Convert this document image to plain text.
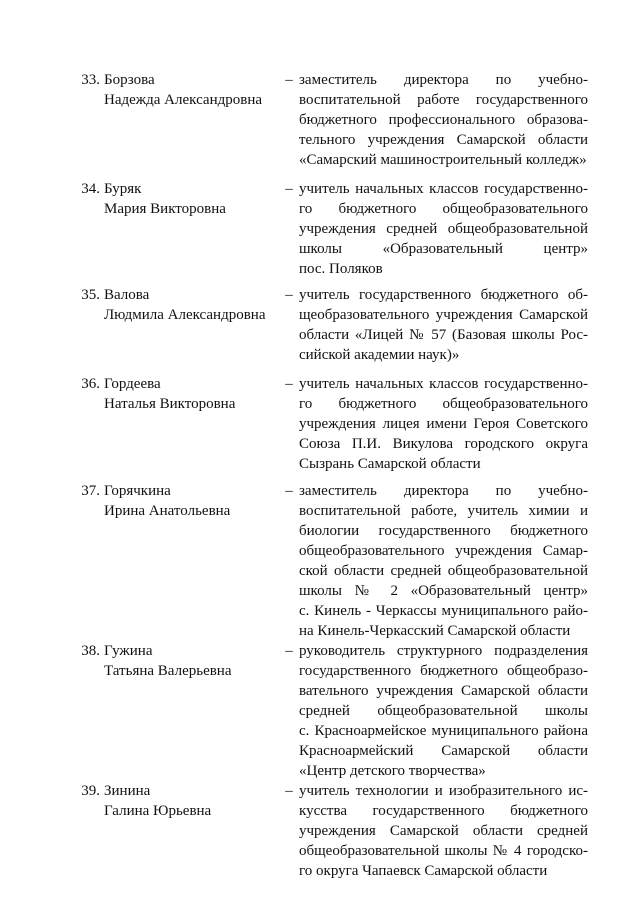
33. Борзова
Надежда Александровна
– заместитель директора по учебно-
воспитательной работе государственного
бюджетного профессионального образова-
тельного учреждения Самарской области
«Самарский машиностроительный колледж»
34. Буряк
Мария Викторовна
– учитель начальных классов государственно-
го бюджетного общеобразовательного
учреждения средней общеобразовательной
школы «Образовательный центр»
пос. Поляков
35. Валова
Людмила Александровна
– учитель государственного бюджетного об-
щеобразовательного учреждения Самарской
области «Лицей № 57 (Базовая школы Рос-
сийской академии наук)»
36. Гордеева
Наталья Викторовна
– учитель начальных классов государственно-
го бюджетного общеобразовательного
учреждения лицея имени Героя Советского
Союза П.И. Викулова городского округа
Сызрань Самарской области
37. Горячкина
Ирина Анатольевна
– заместитель директора по учебно-
воспитательной работе, учитель химии и
биологии государственного бюджетного
общеобразовательного учреждения Самар-
ской области средней общеобразовательной
школы № 2 «Образовательный центр»
с. Кинель - Черкассы муниципального райо-
на Кинель-Черкасский Самарской области
38. Гужина
Татьяна Валерьевна
– руководитель структурного подразделения
государственного бюджетного общеобразо-
вательного учреждения Самарской области
средней общеобразовательной школы
с. Красноармейское муниципального района
Красноармейский Самарской области
«Центр детского творчества»
39. Зинина
Галина Юрьевна
– учитель технологии и изобразительного ис-
кусства государственного бюджетного
учреждения Самарской области средней
общеобразовательной школы № 4 городско-
го округа Чапаевск Самарской области
